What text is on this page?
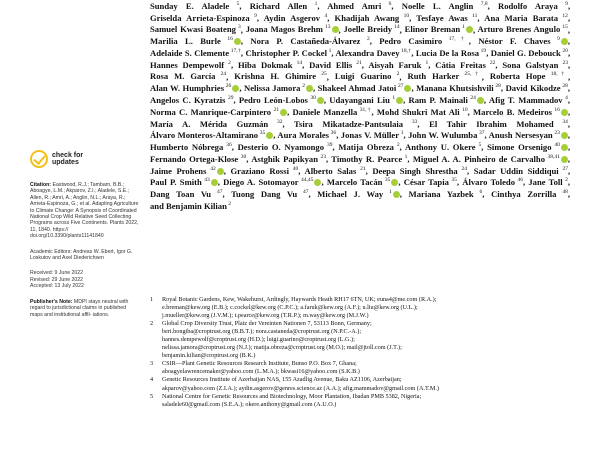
check for
updates
Citation: Eastwood, R.J.; Tambam, B.B.; Aboagye, L.M.; Akparov, Z.I.; Aladele, S.E.; Allen, R.; Amri, A.; Anglin, N.L.; Araya, R.; Arrieta-Espinoza, G.; et al. Adapting Agriculture to Climate Change: A Synopsis of Coordinated National Crop Wild Relative Seed Collecting Programs across Five Continents. Plants 2022, 11, 1840. https:// doi.org/10.3390/plants11141840
Academic Editors: Andreas W. Ebert, Igor G. Loskutov and Axel Diederichsen
Received: 9 June 2022
Revised: 29 June 2022
Accepted: 13 July 2022
Publisher's Note: MDPI stays neutral with regard to jurisdictional claims in published maps and institutional affil- iations.
Sunday E. Aladele $^5$, Richard Allen $^1$, Ahmed Amri $^6$, Noelle L. Anglin $^{7,8}$, Rodolfo Araya $^9$, Griselda Arrieta-Espinoza $^9$, Aydin Asgerov $^4$, Khadijah Awang $^{10}$, Tesfaye Awas $^{11}$, Ana Maria Barata $^{12}$, Samuel Kwasi Boateng $^3$, Joana Magos Brehm $^{13}$ , Joelle Breidy $^{14}$, Elinor Breman $^1$ , Arturo Brenes Angulo $^{15}$, Marilia L. Burle $^{16}$ , Nora P. Castañeda-Álvarez $^2$, Pedro Casimiro $^{17,\dagger}$, Néstor F. Chaves $^9$ , Adelaide S. Clemente $^{17,\dagger}$, Christopher P. Cockel $^1$, Alexandra Davey $^{18,\dagger}$, Lucia De la Rosa $^{19}$, Daniel G. Debouck $^{20}$, Hannes Dempewolf $^2$, Hiba Dokmak $^{14}$, David Ellis $^{21}$, Aisyah Faruk $^1$, Cátia Freitas $^{22}$, Sona Galstyan $^{23}$, Rosa M. García $^{24}$, Krishna H. Ghimire $^{25}$, Luigi Guarino $^2$, Ruth Harker $^{25,\dagger}$, Roberta Hope $^{18,\dagger}$, Alan W. Humphries $^{26}$ , Nelissa Jamora $^2$ , Shakeel Ahmad Jatoi $^{27}$ , Manana Khutsishvili $^{28}$, David Kikodze $^{28}$, Angelos C. Kyratzis $^{29}$, Pedro León-Lobos $^{30}$ , Udayangani Liu $^1$ , Ram P. Mainali $^{24}$ , Afig T. Mammadov $^4$, Norma C. Manrique-Carpintero $^{21}$ , Daniele Manzella $^{31,\dagger}$, Mohd Shukri Mat Ali $^{10}$, Marcelo B. Medeiros $^{16}$ , María A. Mérida Guzmán $^{32}$, Tsira Mikatadze-Pantsulaia $^{33}$, El Tahir Ibrahim Mohamed $^{34}$, Álvaro Monteros-Altamirano $^{35}$ , Aura Morales $^{36}$, Jonas V. Müller $^1$, John W. Wulumba $^{37}$, Anush Nersesyan $^{23}$ , Humberto Nóbrega $^{36}$, Desterio O. Nyamongo $^{39}$, Matija Obreza $^2$, Anthony U. Okere $^5$, Simone Orsenigo $^{40}$ , Fernando Ortega-Klose $^{30}$, Astghik Papikyan $^{23}$, Timothy R. Pearce $^1$, Miguel A. A. Pinheiro de Carvalho $^{38,41}$ , Jaime Prohens $^{42}$ , Graziano Rossi $^{40}$, Alberto Salas $^{21}$, Deepa Singh Shrestha $^{24}$, Sadar Uddin Siddiqui $^{27}$, Paul P. Smith $^{43}$ , Diego A. Sotomayor $^{44,45}$ , Marcelo Tacán $^{35}$ , César Tapia $^{35}$, Álvaro Toledo $^{46}$, Jane Toll $^2$, Dang Toan Vu $^{47}$, Tuong Dang Vu $^{47}$, Michael J. Way $^1$ , Mariana Yazbek $^6$, Cinthya Zorrilla $^{48}$, and Benjamin Kilian $^2$
1	Royal Botanic Gardens, Kew, Wakehurst, Ardingly, Haywards Heath RH17 6TN, UK; euna4@me.com (R.A.);
e.breman@kew.org (E.B.); c.cockel@kew.org (C.P.C.); a.faruk@kew.org (A.F.); u.liu@kew.org (U.L.);
j.mueller@kew.org (J.V.M.); t.pearce@kew.org (T.R.P.); m.way@kew.org (M.J.W.)
2	Global Crop Diversity Trust, Platz der Vereinten Nationen 7, 53113 Bonn, Germany;
beri.bongiba@croptrust.org (B.B.T.); nora.castaneda@croptrust.org (N.P.C.-A.);
hannes.dempewolf@croptrust.org (H.D.); luigi.guarino@croptrust.org (L.G.);
nelissa.jamora@croptrust.org (N.J.); matija.obreza@croptrust.org (M.O.); mail@jtoll.com (J.T.);
benjamin.kilian@croptrust.org (B.K.)
3	CSIR—Plant Genetic Resources Research Institute, Bunso P.O. Box 7, Ghana;
aboagyelawrencemaker@yahoo.com (L.M.A.); bkwasi16@yahoo.com (S.K.B.)
4	Genetic Resources Institute of Azerbaijan NAS, 155 Azadlig Avenue, Baku AZ1106, Azerbaijan;
akparov@yahoo.com (Z.I.A.); aydin.asgerov@genres.science.az (A.A.); afig.mammadov@gmail.com (A.T.M.)
5	National Centre for Genetic Resources and Biotechnology, Moor Plantation, Ibadan PMB 5382, Nigeria;
saladele60@gmail.com (S.E.A.); okere.anthony@gmail.com (A.U.O.)
